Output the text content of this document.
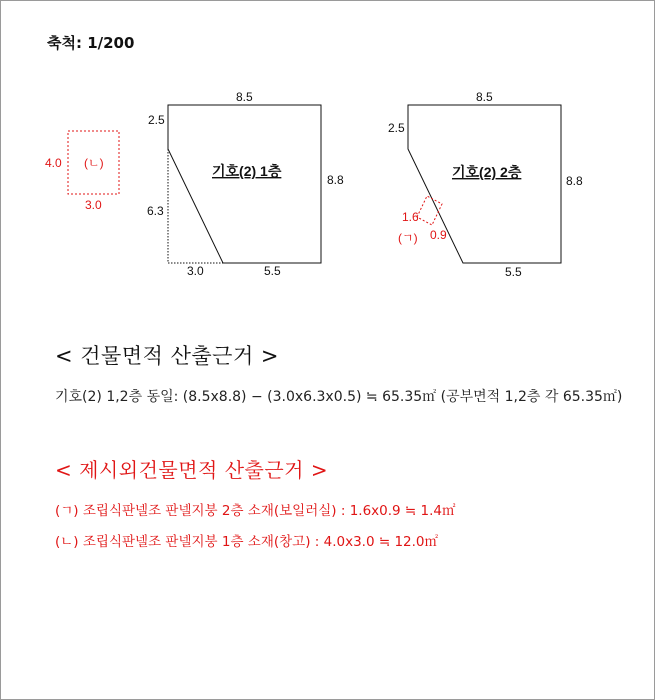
축척: 1/200
4.0 (ㄴ)
3.0
8.5
2.5
6.3
8.8
3.0	5.5
기호(2) 1층
8.5
2.5
8.8
5.5
기호(2) 2층
1.6
0.9
(ㄱ)
< 건물면적 산출근거 >
기호(2) 1,2층 동일: (8.5x8.8) − (3.0x6.3x0.5) ≒ 65.35㎡ (공부면적 1,2층 각 65.35㎡)
< 제시외건물면적 산출근거 >
(ㄱ) 조립식판넬조 판넬지붕 2층 소재(보일러실) : 1.6x0.9 ≒ 1.4㎡
(ㄴ) 조립식판넬조 판넬지붕 1층 소재(창고) : 4.0x3.0 ≒ 12.0㎡
